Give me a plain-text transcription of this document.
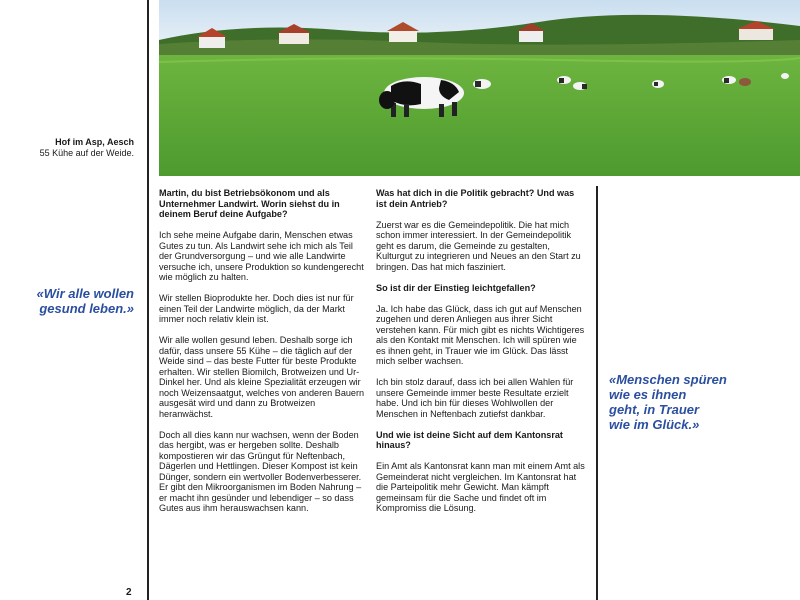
Hof im Asp, Aesch
55 Kühe auf der Weide.
«Wir alle wollen
gesund leben.»
«Menschen spüren
wie es ihnen
geht, in Trauer
wie im Glück.»
Martin, du bist Betriebsökonom und als Unternehmer Landwirt. Worin siehst du in deinem Beruf deine Aufgabe?
Ich sehe meine Aufgabe darin, Menschen etwas Gutes zu tun. Als Landwirt sehe ich mich als Teil der Grundversorgung – und wie alle Landwirte versuche ich, unsere Produktion so kundengerecht wie möglich zu halten.
Wir stellen Bioprodukte her. Doch dies ist nur für einen Teil der Landwirte möglich, da der Markt immer noch relativ klein ist.
Wir alle wollen gesund leben. Deshalb sorge ich dafür, dass unsere 55 Kühe – die täglich auf der Weide sind – das beste Futter für beste Produkte erhalten. Wir stellen Biomilch, Brotweizen und Ur-Dinkel her. Und als kleine Spezialität erzeugen wir noch Weizensaatgut, welches von anderen Bauern ausgesät wird und dann zu Brotweizen heranwächst.
Doch all dies kann nur wachsen, wenn der Boden das hergibt, was er hergeben sollte. Deshalb kompostieren wir das Grüngut für Neftenbach, Dägerlen und Hettlingen. Dieser Kompost ist kein Dünger, sondern ein wertvoller Bodenverbesserer. Er gibt den Mikroorganismen im Boden Nahrung – er macht ihn gesünder und lebendiger – so dass Gutes aus ihm herauswachsen kann.
Was hat dich in die Politik gebracht? Und was ist dein Antrieb?
Zuerst war es die Gemeindepolitik. Die hat mich schon immer interessiert. In der Gemeindepolitik geht es darum, die Gemeinde zu gestalten, Kulturgut zu integrieren und Neues an den Start zu bringen. Das hat mich fasziniert.
So ist dir der Einstieg leichtgefallen?
Ja. Ich habe das Glück, dass ich gut auf Menschen zugehen und deren Anliegen aus ihrer Sicht verstehen kann. Für mich gibt es nichts Wichtigeres als den Kontakt mit Menschen. Ich will spüren wie es ihnen geht, in Trauer wie im Glück. Das lässt mich selber wachsen.
Ich bin stolz darauf, dass ich bei allen Wahlen für unsere Gemeinde immer beste Resultate erzielt habe. Und ich bin für dieses Wohlwollen der Menschen in Neftenbach zutiefst dankbar.
Und wie ist deine Sicht auf dem Kantonsrat hinaus?
Ein Amt als Kantonsrat kann man mit einem Amt als Gemeinderat nicht vergleichen. Im Kantonsrat hat die Parteipolitik mehr Gewicht. Man kämpft gemeinsam für die Sache und findet oft im Kompromiss die Lösung.
2
